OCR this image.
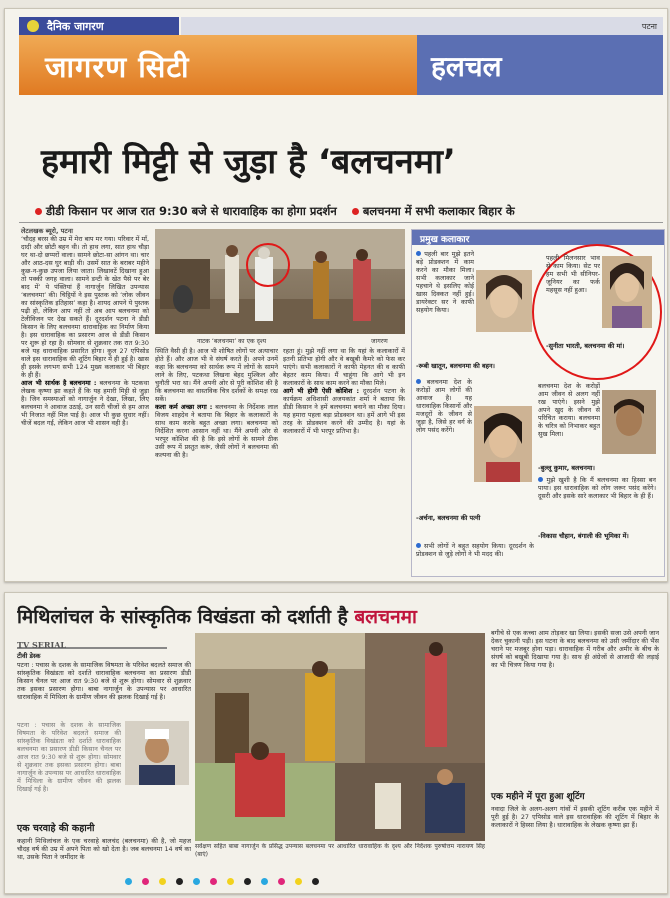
दैनिक जागरण
जागरण सिटी	हलचल
पटना
हमारी मिट्टी से जुड़ा है ‘बलचनमा’
डीडी किसान पर आज रात 9:30 बजे से धारावाहिक का होगा प्रदर्शन बलचनमा में सभी कलाकार बिहार के
लेटलखक ब्यूरो, पटना
‘चौदह बरस की उम्र में मेरा बाप मर गया। परिवार में माँ, दादी और छोटी बहन थी। तो हाथ लगा, सात हाथ चौड़ा घर था-दो छप्परों वाला। सामने छोटा-सा आंगन था। चार और आठ-दस घुर बाड़ी थी। उसमें सात के बराबर महीने कुछ-न-कुछ उपजा लिया जाता। लिखावटें दिखाना हुआ तो पक्की जगह वाला। सामने डन्टी के खेत पैसे पर बेर बाद में’ ये पंक्तियां हैं नागार्जुन लिखित उपन्यास ‘बलचनमा’ की। चिट्ठियों ने इस पुस्तक को ‘लोक जीवन का सांस्कृतिक इतिहास’ कहा है। शायद आपने ये पुस्तक पढ़ी हो, लेकिन आप नहीं तो अब आप बलचनमा को टेलीविजन पर देख सकते हैं। दूरदर्शन पटना ने डीडी किसान के लिए बलचनमा धारावाहिक का निर्माण किया है। इस धारावाहिक का प्रसारण आज से डीडी किसान पर शुरू हो रहा है। सोमवार से शुक्रवार तक रात 9:30 बजे यह धारावाहिक प्रसारित होगा। कुल 27 एपिसोड वाले इस धारावाहिक की शूटिंग बिहार में ही हुई है। खास ही इसके लगभग सभी 124 मुख्य कलाकार भी बिहार के ही हैं।
आज भी सार्थक है बलचनमा : बलचनमा के पटकथा लेखक कृष्णा झा कहते हैं कि यह हमारी मिट्टी से जुड़ा है। जिन समस्याओं को नागार्जुन ने देखा, लिखा, लिए बलचनमा ने आवाज उठाई, उन सारी चीजों से हम आज भी निजात नहीं मिल पाई है। आज भी कुछ सुधार नहीं। चीजें बदल गईं, लेकिन आज भी शासन वही है।
नाटक ‘बलचनमा’ का एक दृश्य	जागरण
स्थिति वैसी ही है। आज भी शोषित लोगों पर अत्याचार होते हैं। और आज भी वे संघर्ष करते हैं। अपने उनमें कहा कि बलचनमा को सार्थक रूप में लोगों के सामने लाने के लिए, पटकथा लिखना बेहद मुश्किल और चुनौती भरा था। मैंने अपनी ओर से पूरी कोशिश की है कि बलचनमा का वास्तविक चित्र दर्शकों के समक्ष रख सकें।
कला कर्म अच्छा लगा : बलचनमा के निर्देशक लाल विजय शाहदेव ने बताया कि बिहार के कलाकारों के साथ काम करके बहुत अच्छा लगा। बलचनमा को निर्देशित करना आसान नहीं था। मैंने अपनी ओर से भरपूर कोशिश की है कि इसे लोगों के सामने ठीक उसी रूप में प्रस्तुत करूं, जैसी लोगों ने बलचनमा की कल्पना की है।
रहता हूं। मुझे नहीं लगा था कि यहां के कलाकारों में इतनी प्रतिभा होगी और वे बखूबी कैमरे को फेस कर पाएंगे। सभी कलाकारों ने काफी मेहनत की व काफी बेहतर काम किया। मैं चाहूंगा कि आगे भी इन कलाकारों के साथ काम करने का मौका मिले।
आगे भी होगी ऐसी कोशिश : दूरदर्शन पटना के कार्यक्रम अधिशासी अजयकांत शर्मा ने बताया कि डीडी किसान ने हमें बलचनमा बनाने का मौका दिया। यह हमारा पहला बड़ा प्रोडक्शन था। हमें आगे भी इस तरह के प्रोडक्शन करने की उम्मीद है। यहां के कलाकारों में भी भरपूर प्रतिभा है।
प्रमुख कलाकार
पहली बार मुझे इतने बड़े प्रोडक्शन में काम करने का मौका मिला। सभी कलाकार जाने पहचाने थे इसलिए कोई खास दिक्कत नहीं हुई। डायरेक्टर सर ने काफी सहयोग किया।
-रूबी खातून, बलचनमा की बहन।
पहली मिलनसार भाव से काम किया। सेट पर हम सभी भी सीनियर-जूनियर का फर्क महसूस नहीं हुआ।
-सुनीता भारती, बलचनमा की मां।
बलचनमा देश के करोड़ों आम लोगों की आवाज है। यह धारावाहिक किसानों और मजदूरों के जीवन से जुड़ा है, जिसे हर वर्ग के लोग पसंद करेंगे।
-अर्चना, बलचनमा की पत्नी
बलचनमा देश के करोड़ों आम जीवन से अलग नहीं रख पाएंगे। इसने मुझे अपने खुद के जीवन से परिचित कराया। बलचनमा के चरित्र को निभाकर बहुत सुख मिला।
-बुल्लू कुमार, बलचनमा।
मुझे खुशी है कि मैं बलचनमा का हिस्सा बन पाया। इस धारावाहिक को लोग जरूर पसंद करेंगे। दूसरी और इसके सारे कलाकार भी बिहार के ही हैं।
-विकास चौहान, बंगाली की भूमिका में।
सभी लोगों ने बहुत सहयोग किया। दूरदर्शन के प्रोडक्शन से जुड़े लोगों ने भी मदद की।
मिथिलांचल के सांस्कृतिक विखंडता को दर्शाती है बलचनमा
TV SERIAL
टीवी डेस्क
पटना : पचास के दशक के सामाजिक विषमता के परिवेश बदलते समाज की सांस्कृतिक विखंडता को दर्शाते धारावाहिक बलचनमा का प्रसारण डीडी किसान चैनल पर आज रात 9:30 बजे से शुरू होगा। सोमवार से शुक्रवार तक इसका प्रसारण होगा। बाबा नागार्जुन के उपन्यास पर आधारित धारावाहिक में मिथिला के ग्रामीण जीवन की झलक दिखाई गई है।
पटना : पचास के दशक के सामाजिक विषमता के परिवेश बदलते समाज की सांस्कृतिक विखंडता को दर्शाते धारावाहिक बलचनमा का प्रसारण डीडी किसान चैनल पर आज रात 9:30 बजे से शुरू होगा। सोमवार से शुक्रवार तक इसका प्रसारण होगा। बाबा नागार्जुन के उपन्यास पर आधारित धारावाहिक में मिथिला के ग्रामीण जीवन की झलक दिखाई गई है।
एक चरवाहे की कहानी
कहानी मिथिलांचल के एक चरवाहे बालचंद (बलचनमा) की है, जो महज चौदह वर्ष की उम्र में अपने पिता को खो देता है। जब बलचनमा 14 वर्ष का था, उसके पिता ने जमींदार के
सर्वेक्षण सहित बाबा नागार्जुन के प्रसिद्ध उपन्यास बलचनमा पर आधारित धारावाहिक के दृश्य और निर्देशक पुरुषोत्तम नारायण सिंह (बाएं)
बगीचे से एक कच्चा आम तोड़कर खा लिया। इसकी सजा उसे अपनी जान देकर चुकानी पड़ी। इस घटना के बाद बलचनमा को उसी जमींदार की भैंस चराने पर मजबूर होना पड़ा। धारावाहिक में गरीब और अमीर के बीच के संघर्ष को बखूबी दिखाया गया है। साथ ही अंग्रेजों से आजादी की लड़ाई का भी चित्रण किया गया है।
एक महीने में पूरा हुआ शूटिंग
नवादा जिले के अलग-अलग गांवों में इसकी शूटिंग करीब एक महीने में पूरी हुई है। 27 एपिसोड वाले इस धारावाहिक की शूटिंग में बिहार के कलाकारों ने हिस्सा लिया है। धारावाहिक के लेखक कृष्णा झा हैं।
